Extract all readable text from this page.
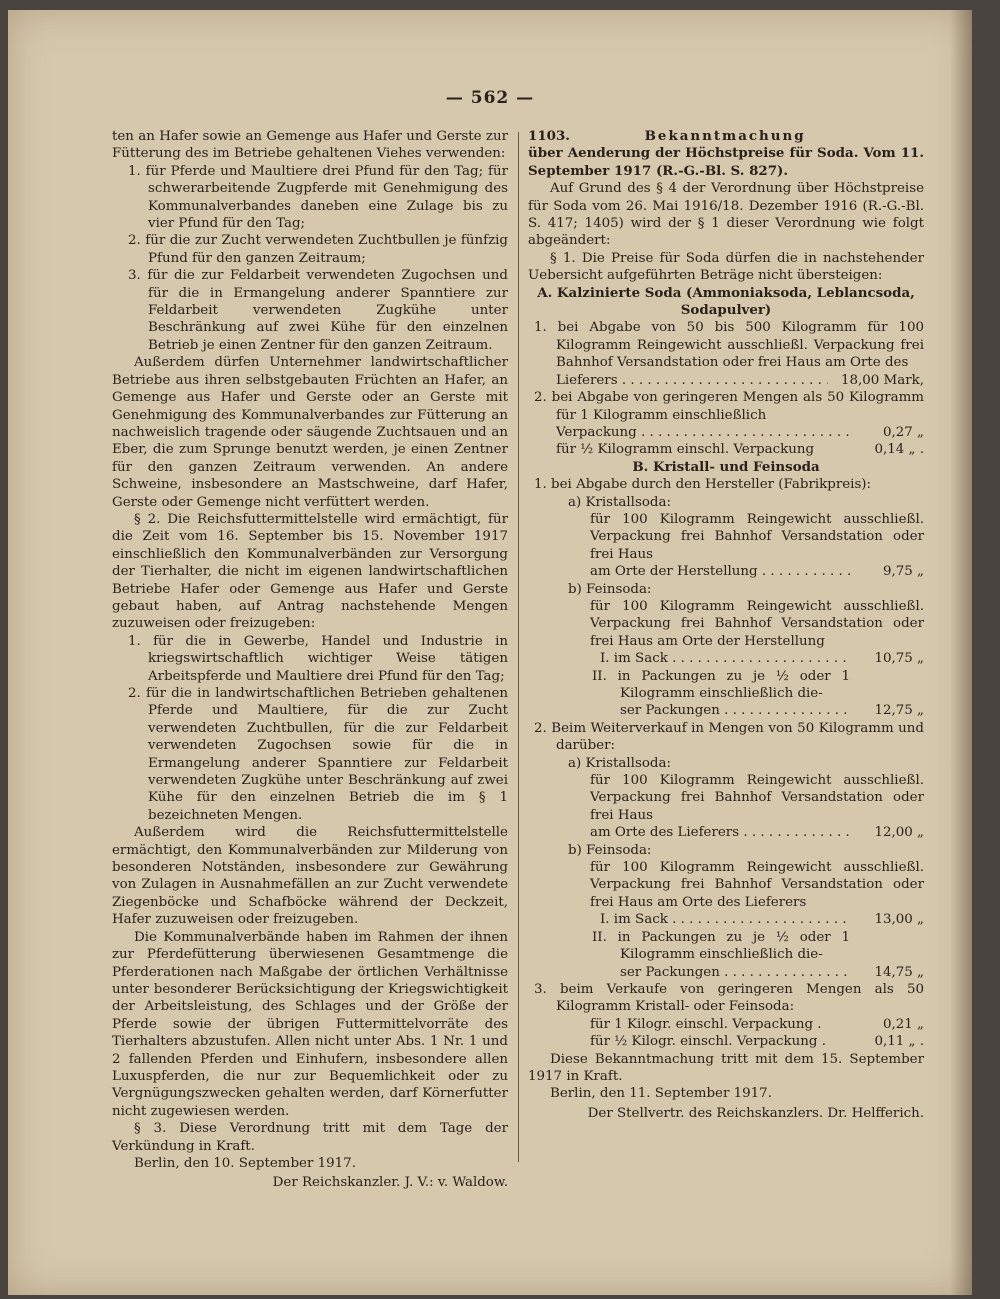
— 562 —

ten an Hafer sowie an Gemenge aus Hafer und Gerste zur Fütterung des im Betriebe gehaltenen Viehes verwenden:

1. für Pferde und Maultiere drei Pfund für den Tag; für schwerarbeitende Zugpferde mit Genehmigung des Kommunalverbandes daneben eine Zulage bis zu vier Pfund für den Tag;

2. für die zur Zucht verwendeten Zuchtbullen je fünfzig Pfund für den ganzen Zeitraum;

3. für die zur Feldarbeit verwendeten Zugochsen und für die in Ermangelung anderer Spanntiere zur Feldarbeit verwendeten Zugkühe unter Beschränkung auf zwei Kühe für den einzelnen Betrieb je einen Zentner für den ganzen Zeitraum.

Außerdem dürfen Unternehmer landwirtschaftlicher Betriebe aus ihren selbstgebauten Früchten an Hafer, an Gemenge aus Hafer und Gerste oder an Gerste mit Genehmigung des Kommunalverbandes zur Fütterung an nachweislich tragende oder säugende Zuchtsauen und an Eber, die zum Sprunge benutzt werden, je einen Zentner für den ganzen Zeitraum verwenden. An andere Schweine, insbesondere an Mastschweine, darf Hafer, Gerste oder Gemenge nicht verfüttert werden.

§ 2. Die Reichsfuttermittelstelle wird ermächtigt, für die Zeit vom 16. September bis 15. November 1917 einschließlich den Kommunalverbänden zur Versorgung der Tierhalter, die nicht im eigenen landwirtschaftlichen Betriebe Hafer oder Gemenge aus Hafer und Gerste gebaut haben, auf Antrag nachstehende Mengen zuzuweisen oder freizugeben:

1. für die in Gewerbe, Handel und Industrie in kriegswirtschaftlich wichtiger Weise tätigen Arbeitspferde und Maultiere drei Pfund für den Tag;

2. für die in landwirtschaftlichen Betrieben gehaltenen Pferde und Maultiere, für die zur Zucht verwendeten Zuchtbullen, für die zur Feldarbeit verwendeten Zugochsen sowie für die in Ermangelung anderer Spanntiere zur Feldarbeit verwendeten Zugkühe unter Beschränkung auf zwei Kühe für den einzelnen Betrieb die im § 1 bezeichneten Mengen.

Außerdem wird die Reichsfuttermittelstelle ermächtigt, den Kommunalverbänden zur Milderung von besonderen Notständen, insbesondere zur Gewährung von Zulagen in Ausnahmefällen an zur Zucht verwendete Ziegenböcke und Schafböcke während der Deckzeit, Hafer zuzuweisen oder freizugeben.

Die Kommunalverbände haben im Rahmen der ihnen zur Pferdefütterung überwiesenen Gesamtmenge die Pferderationen nach Maßgabe der örtlichen Verhältnisse unter besonderer Berücksichtigung der Kriegswichtigkeit der Arbeitsleistung, des Schlages und der Größe der Pferde sowie der übrigen Futtermittelvorräte des Tierhalters abzustufen. Allen nicht unter Abs. 1 Nr. 1 und 2 fallenden Pferden und Einhufern, insbesondere allen Luxuspferden, die nur zur Bequemlichkeit oder zu Vergnügungszwecken gehalten werden, darf Körnerfutter nicht zugewiesen werden.

§ 3. Diese Verordnung tritt mit dem Tage der Verkündung in Kraft.

Berlin, den 10. September 1917.

Der Reichskanzler. J. V.: v. Waldow.

1103.	Bekanntmachung

über Aenderung der Höchstpreise für Soda. Vom 11. September 1917 (R.-G.-Bl. S. 827).

Auf Grund des § 4 der Verordnung über Höchstpreise für Soda vom 26. Mai 1916/18. Dezember 1916 (R.-G.-Bl. S. 417; 1405) wird der § 1 dieser Verordnung wie folgt abgeändert:

§ 1. Die Preise für Soda dürfen die in nachstehender Uebersicht aufgeführten Beträge nicht übersteigen:

A. Kalzinierte Soda (Ammoniaksoda, Leblancsoda, Sodapulver)

1. bei Abgabe von 50 bis 500 Kilogramm für 100 Kilogramm Reingewicht ausschließl. Verpackung frei Bahnhof Versandstation oder frei Haus am Orte des

Lieferers . . .	18,00 Mark,

2. bei Abgabe von geringeren Mengen als 50 Kilogramm für 1 Kilogramm einschließlich

Verpackung . . .	0,27 „
für ½ Kilogramm einschl. Verpackung	0,14 „ .

B. Kristall- und Feinsoda

1. bei Abgabe durch den Hersteller (Fabrikpreis):

a) Kristallsoda:

für 100 Kilogramm Reingewicht ausschließl. Verpackung frei Bahnhof Versandstation oder frei Haus

am Orte der Herstellung . . .	9,75 „

b) Feinsoda:

für 100 Kilogramm Reingewicht ausschließl. Verpackung frei Bahnhof Versandstation oder frei Haus am Orte der Herstellung

I. im Sack . . .	10,75 „

II. in Packungen zu je ½ oder 1 Kilogramm einschließlich die-

ser Packungen . . .	12,75 „

2. Beim Weiterverkauf in Mengen von 50 Kilogramm und darüber:

a) Kristallsoda:

für 100 Kilogramm Reingewicht ausschließl. Verpackung frei Bahnhof Versandstation oder frei Haus

am Orte des Lieferers . . .	12,00 „

b) Feinsoda:

für 100 Kilogramm Reingewicht ausschließl. Verpackung frei Bahnhof Versandstation oder frei Haus am Orte des Lieferers

I. im Sack . . .	13,00 „

II. in Packungen zu je ½ oder 1 Kilogramm einschließlich die-

ser Packungen . . .	14,75 „

3. beim Verkaufe von geringeren Mengen als 50 Kilogramm Kristall- oder Feinsoda:

für 1 Kilogr. einschl. Verpackung .	0,21 „
für ½ Kilogr. einschl. Verpackung .	0,11 „ .

Diese Bekanntmachung tritt mit dem 15. September 1917 in Kraft.

Berlin, den 11. September 1917.

Der Stellvertr. des Reichskanzlers. Dr. Helfferich.
